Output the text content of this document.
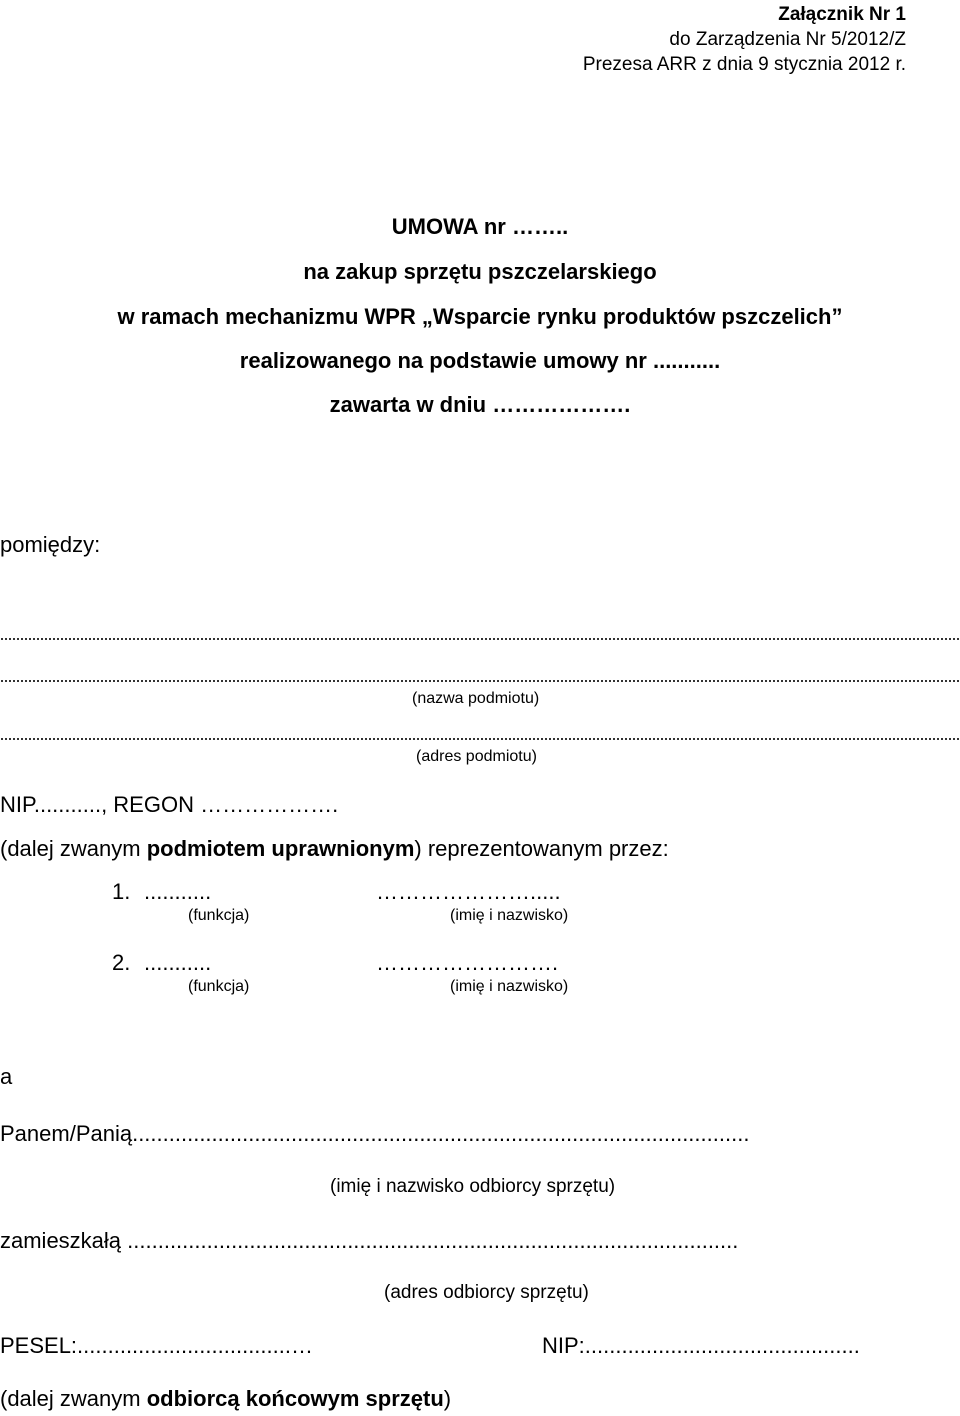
Załącznik Nr 1
do Zarządzenia Nr 5/2012/Z
Prezesa ARR z dnia 9 stycznia 2012 r.
UMOWA nr ……..
na zakup sprzętu pszczelarskiego
w ramach mechanizmu WPR „Wsparcie rynku produktów pszczelich”
realizowanego na podstawie umowy nr ...........
zawarta w dniu ……………….
pomiędzy:
(nazwa podmiotu)
(adres podmiotu)
NIP..........., REGON ……………….
(dalej zwanym podmiotem uprawnionym) reprezentowanym przez:
1. ...........	………………….....
(funkcja)	(imię i nazwisko)
2. ...........	…………………….
(funkcja)	(imię i nazwisko)
a
Panem/Panią.....................................................................................................
(imię i nazwisko odbiorcy sprzętu)
zamieszkałą ....................................................................................................
(adres odbiorcy sprzętu)
PESEL:...................................…	NIP:.............................................
(dalej zwanym odbiorcą końcowym sprzętu)
